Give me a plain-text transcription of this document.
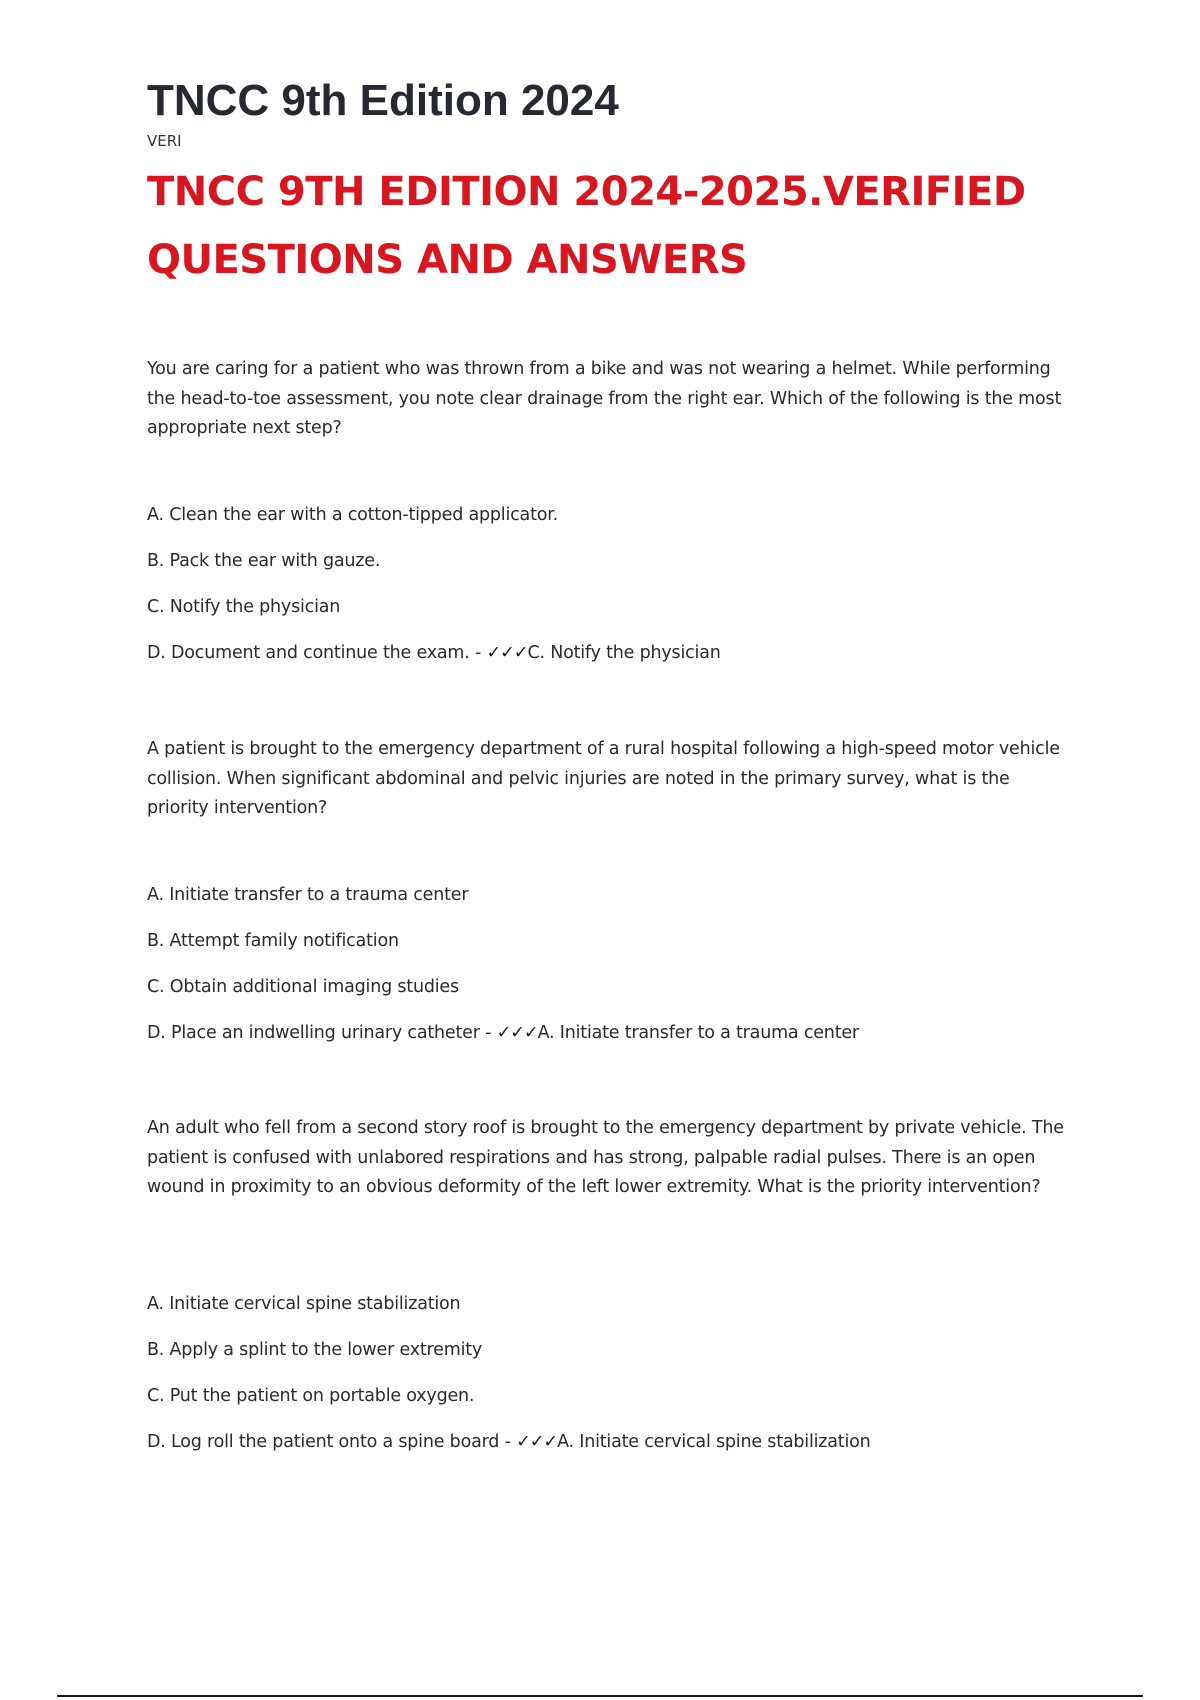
TNCC 9th Edition 2024
VERI
TNCC 9TH EDITION 2024-2025.VERIFIED
QUESTIONS AND ANSWERS

You are caring for a patient who was thrown from a bike and was not wearing a helmet. While performing the head-to-toe assessment, you note clear drainage from the right ear. Which of the following is the most appropriate next step?

A. Clean the ear with a cotton-tipped applicator.
B. Pack the ear with gauze.
C. Notify the physician
D. Document and continue the exam. - ✓✓✓C. Notify the physician

A patient is brought to the emergency department of a rural hospital following a high-speed motor vehicle collision. When significant abdominal and pelvic injuries are noted in the primary survey, what is the priority intervention?

A. Initiate transfer to a trauma center
B. Attempt family notification
C. Obtain additional imaging studies
D. Place an indwelling urinary catheter - ✓✓✓A. Initiate transfer to a trauma center

An adult who fell from a second story roof is brought to the emergency department by private vehicle. The patient is confused with unlabored respirations and has strong, palpable radial pulses. There is an open wound in proximity to an obvious deformity of the left lower extremity. What is the priority intervention?

A. Initiate cervical spine stabilization
B. Apply a splint to the lower extremity
C. Put the patient on portable oxygen.
D. Log roll the patient onto a spine board - ✓✓✓A. Initiate cervical spine stabilization
